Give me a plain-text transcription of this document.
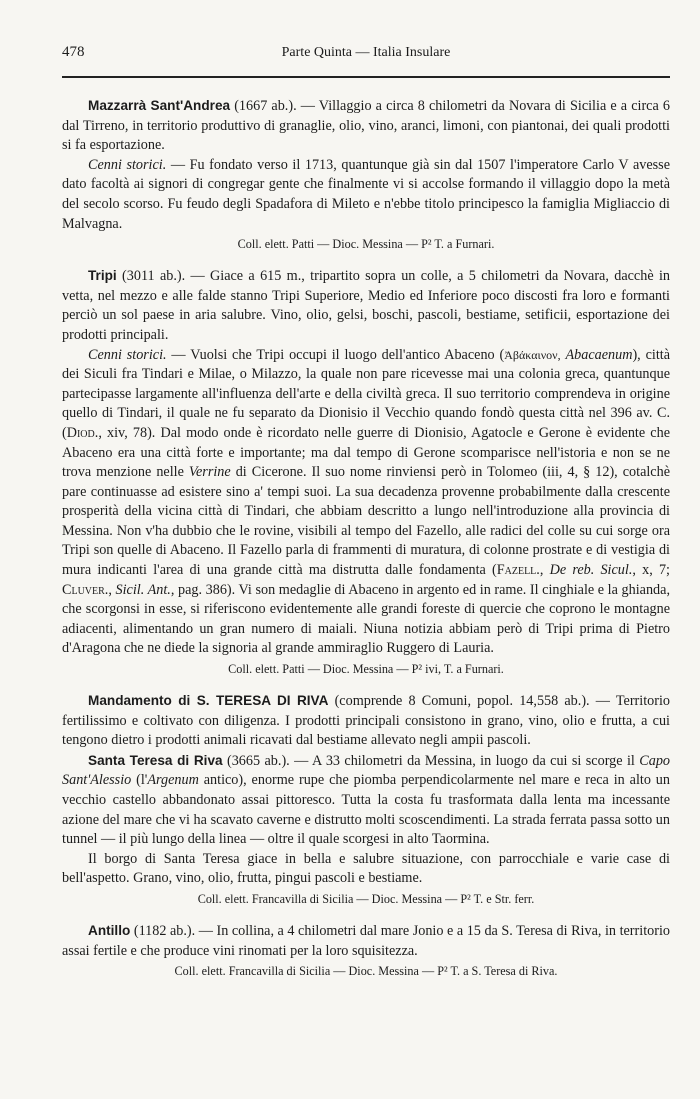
478	Parte Quinta — Italia Insulare

Mazzarrà Sant'Andrea (1667 ab.). — Villaggio a circa 8 chilometri da Novara di Sicilia e a circa 6 dal Tirreno, in territorio produttivo di granaglie, olio, vino, aranci, limoni, con piantonai, dei quali prodotti si fa esportazione.

Cenni storici. — Fu fondato verso il 1713, quantunque già sin dal 1507 l'imperatore Carlo V avesse dato facoltà ai signori di congregar gente che finalmente vi si accolse formando il villaggio dopo la metà del secolo scorso. Fu feudo degli Spadafora di Mileto e n'ebbe titolo principesco la famiglia Migliaccio di Malvagna.

Coll. elett. Patti — Dioc. Messina — P² T. a Furnari.

Tripi (3011 ab.). — Giace a 615 m., tripartito sopra un colle, a 5 chilometri da Novara, dacchè in vetta, nel mezzo e alle falde stanno Tripi Superiore, Medio ed Inferiore poco discosti fra loro e formanti perciò un sol paese in aria salubre. Vino, olio, gelsi, boschi, pascoli, bestiame, setificii, esportazione dei prodotti principali.

Cenni storici. — Vuolsi che Tripi occupi il luogo dell'antico Abaceno (Ἀβάκαινον, Abacaenum), città dei Siculi fra Tindari e Milae, o Milazzo, la quale non pare ricevesse mai una colonia greca, quantunque partecipasse largamente all'influenza dell'arte e della civiltà greca. Il suo territorio comprendeva in origine quello di Tindari, il quale ne fu separato da Dionisio il Vecchio quando fondò questa città nel 396 av. C. (Diod., xiv, 78). Dal modo onde è ricordato nelle guerre di Dionisio, Agatocle e Gerone è evidente che Abaceno era una città forte e importante; ma dal tempo di Gerone scomparisce nell'istoria e non se ne trova menzione nelle Verrine di Cicerone. Il suo nome rinviensi però in Tolomeo (iii, 4, § 12), cotalchè pare continuasse ad esistere sino a' tempi suoi. La sua decadenza provenne probabilmente dalla crescente prosperità della vicina città di Tindari, che abbiam descritto a lungo nell'introduzione alla provincia di Messina. Non v'ha dubbio che le rovine, visibili al tempo del Fazello, alle radici del colle su cui sorge ora Tripi son quelle di Abaceno. Il Fazello parla di frammenti di muratura, di colonne prostrate e di vestigia di mura indicanti l'area di una grande città ma distrutta dalle fondamenta (Fazell., De reb. Sicul., x, 7; Cluver., Sicil. Ant., pag. 386). Vi son medaglie di Abaceno in argento ed in rame. Il cinghiale e la ghianda, che scorgonsi in esse, si riferiscono evidentemente alle grandi foreste di quercie che coprono le montagne adiacenti, alimentando un gran numero di maiali. Niuna notizia abbiam però di Tripi prima di Pietro d'Aragona che ne diede la signoria al grande ammiraglio Ruggero di Lauria.

Coll. elett. Patti — Dioc. Messina — P² ivi, T. a Furnari.

Mandamento di S. TERESA DI RIVA (comprende 8 Comuni, popol. 14,558 ab.). — Territorio fertilissimo e coltivato con diligenza. I prodotti principali consistono in grano, vino, olio e frutta, a cui tengono dietro i prodotti animali ricavati dal bestiame allevato negli ampii pascoli.

Santa Teresa di Riva (3665 ab.). — A 33 chilometri da Messina, in luogo da cui si scorge il Capo Sant'Alessio (l'Argenum antico), enorme rupe che piomba perpendicolarmente nel mare e reca in alto un vecchio castello abbandonato assai pittoresco. Tutta la costa fu trasformata dalla lenta ma incessante azione del mare che vi ha scavato caverne e distrutto molti scoscendimenti. La strada ferrata passa sotto un tunnel — il più lungo della linea — oltre il quale scorgesi in alto Taormina.

Il borgo di Santa Teresa giace in bella e salubre situazione, con parrocchiale e varie case di bell'aspetto. Grano, vino, olio, frutta, pingui pascoli e bestiame.

Coll. elett. Francavilla di Sicilia — Dioc. Messina — P² T. e Str. ferr.

Antillo (1182 ab.). — In collina, a 4 chilometri dal mare Jonio e a 15 da S. Teresa di Riva, in territorio assai fertile e che produce vini rinomati per la loro squisitezza.

Coll. elett. Francavilla di Sicilia — Dioc. Messina — P² T. a S. Teresa di Riva.
